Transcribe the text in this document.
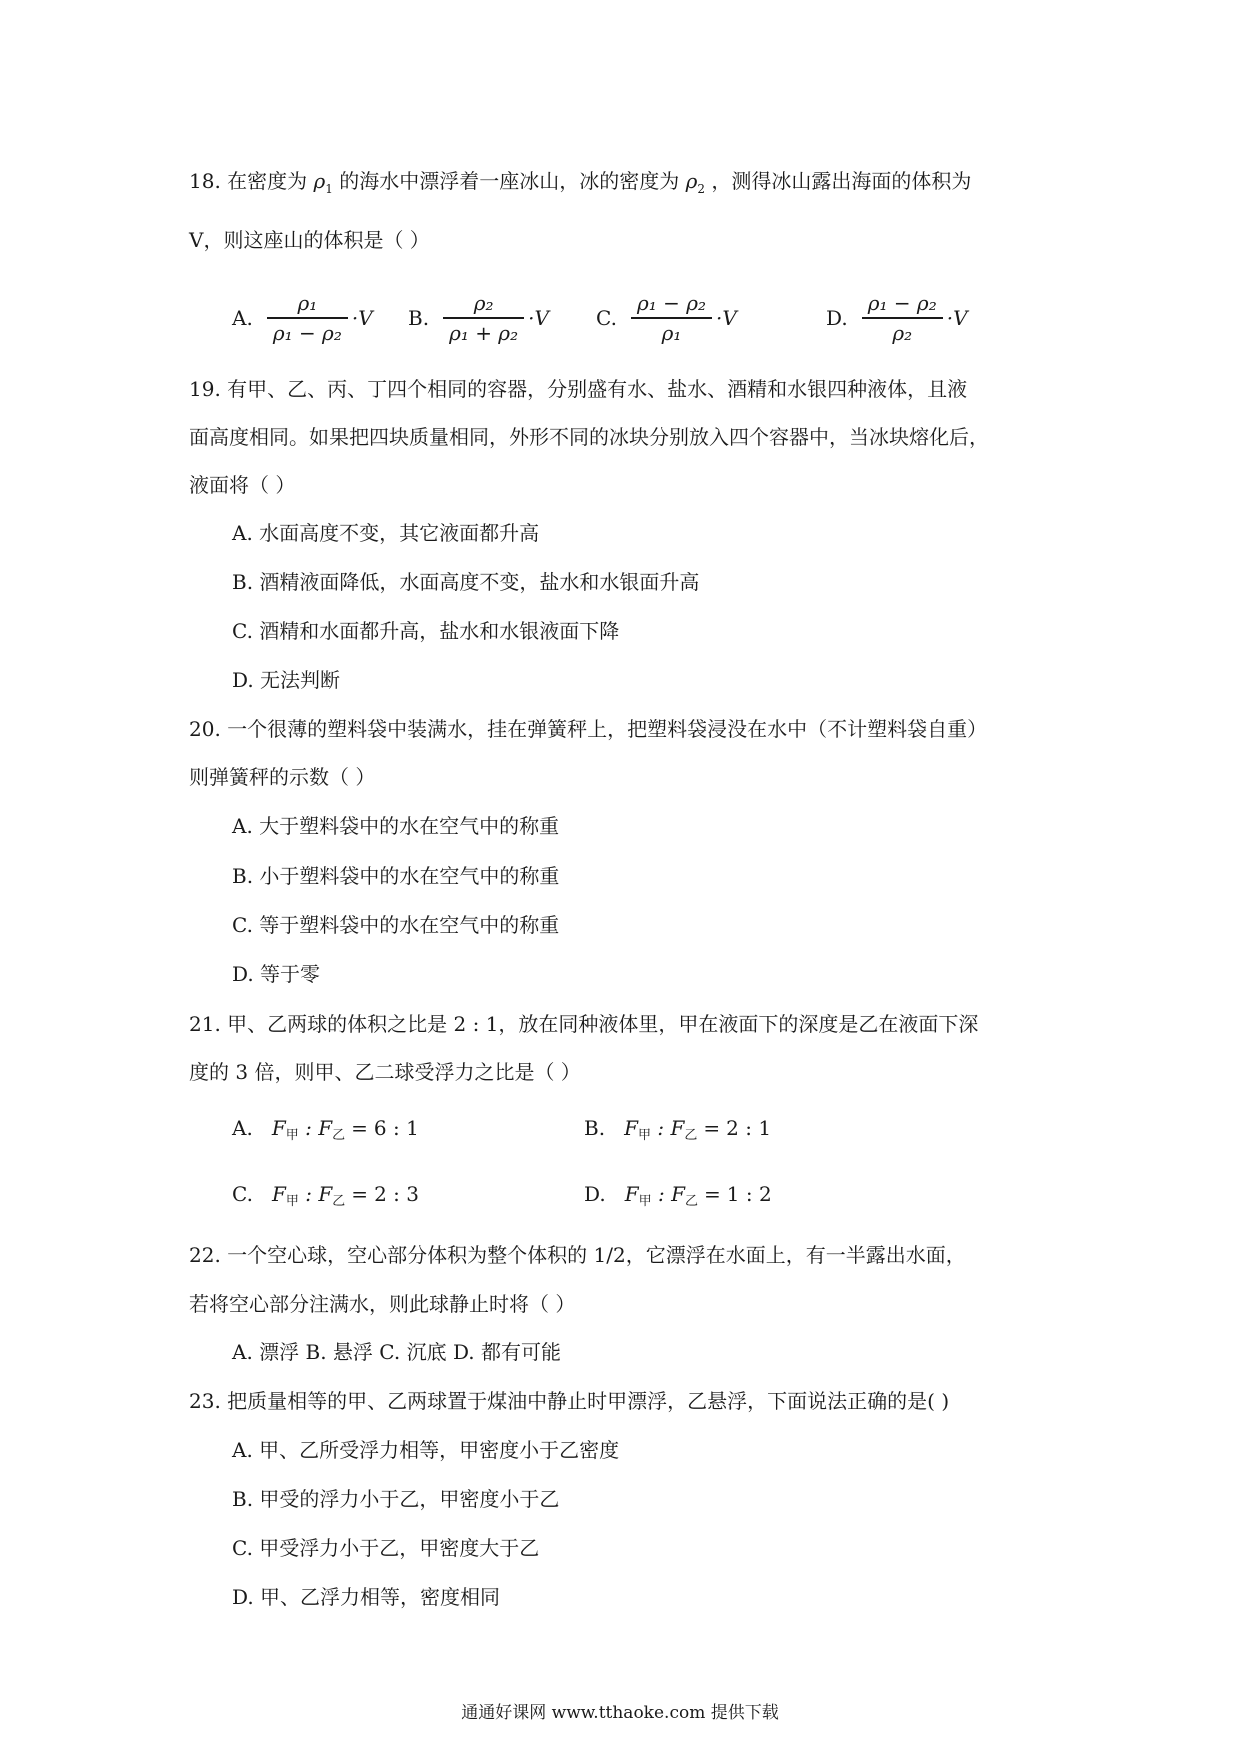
18. 在密度为 $\rho_1$ 的海水中漂浮着一座冰山，冰的密度为 $\rho_2$ ，测得冰山露出海面的体积为
V，则这座山的体积是（ ）
A. $\frac{\text{ρ₁}}{\text{ρ₁ − ρ₂}} \cdot V$ B. $\frac{\text{ρ₂}}{\text{ρ₁ + ρ₂}} \cdot V$ C. $\frac{\text{ρ₁ − ρ₂}}{\text{ρ₁}} \cdot V$	D. $\frac{\text{ρ₁ − ρ₂}}{\text{ρ₂}} \cdot V$
19. 有甲、乙、丙、丁四个相同的容器，分别盛有水、盐水、酒精和水银四种液体，且液
面高度相同。如果把四块质量相同，外形不同的冰块分别放入四个容器中，当冰块熔化后，
液面将（ ）
A. 水面高度不变，其它液面都升高
B. 酒精液面降低，水面高度不变，盐水和水银面升高
C. 酒精和水面都升高，盐水和水银液面下降
D. 无法判断
20. 一个很薄的塑料袋中装满水，挂在弹簧秤上，把塑料袋浸没在水中（不计塑料袋自重）
则弹簧秤的示数（ ）
A. 大于塑料袋中的水在空气中的称重
B. 小于塑料袋中的水在空气中的称重
C. 等于塑料袋中的水在空气中的称重
D. 等于零
21. 甲、乙两球的体积之比是 2 : 1，放在同种液体里，甲在液面下的深度是乙在液面下深
度的 3 倍，则甲、乙二球受浮力之比是（ ）
A. $F_甲$ : $F_乙 = 6$ : 1	B. $F_甲$ : $F_乙 = 2$ : 1
C. $F_甲$ : $F_乙 = 2$ : 3	D. $F_甲$ : $F_乙 = 1$ : 2
22. 一个空心球，空心部分体积为整个体积的 1/2，它漂浮在水面上，有一半露出水面，
若将空心部分注满水，则此球静止时将（ ）
A. 漂浮 B. 悬浮 C. 沉底 D. 都有可能
23. 把质量相等的甲、乙两球置于煤油中静止时甲漂浮，乙悬浮，下面说法正确的是( )
A. 甲、乙所受浮力相等，甲密度小于乙密度
B. 甲受的浮力小于乙，甲密度小于乙
C. 甲受浮力小于乙，甲密度大于乙
D. 甲、乙浮力相等，密度相同
通通好课网 www.tthaoke.com 提供下载
